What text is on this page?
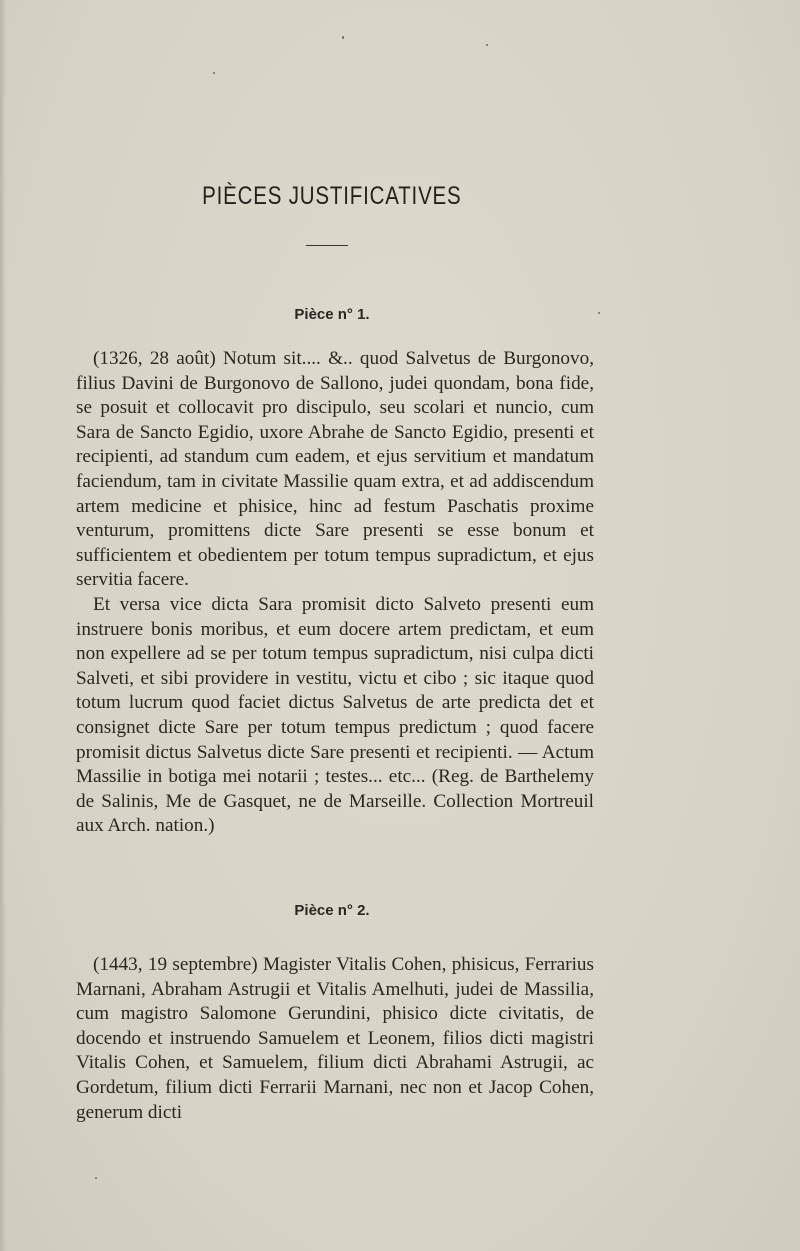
PIÈCES JUSTIFICATIVES
Pièce n° 1.

(1326, 28 août) Notum sit.... &.. quod Salvetus de Burgonovo, filius Davini de Burgonovo de Sallono, judei quondam, bona fide, se posuit et collocavit pro discipulo, seu scolari et nuncio, cum Sara de Sancto Egidio, uxore Abrahe de Sancto Egidio, presenti et recipienti, ad standum cum eadem, et ejus servitium et mandatum faciendum, tam in civitate Massilie quam extra, et ad addiscendum artem medicine et phisice, hinc ad festum Paschatis proxime venturum, promittens dicte Sare presenti se esse bonum et sufficientem et obedientem per totum tempus supradictum, et ejus servitia facere.

Et versa vice dicta Sara promisit dicto Salveto presenti eum instruere bonis moribus, et eum docere artem predictam, et eum non expellere ad se per totum tempus supradictum, nisi culpa dicti Salveti, et sibi providere in vestitu, victu et cibo ; sic itaque quod totum lucrum quod faciet dictus Salvetus de arte predicta det et consignet dicte Sare per totum tempus predictum ; quod facere promisit dictus Salvetus dicte Sare presenti et recipienti. — Actum Massilie in botiga mei notarii ; testes... etc... (Reg. de Barthelemy de Salinis, Me de Gasquet, ne de Marseille. Collection Mortreuil aux Arch. nation.)

Pièce n° 2.

(1443, 19 septembre) Magister Vitalis Cohen, phisicus, Ferrarius Marnani, Abraham Astrugii et Vitalis Amelhuti, judei de Massilia, cum magistro Salomone Gerundini, phisico dicte civitatis, de docendo et instruendo Samuelem et Leonem, filios dicti magistri Vitalis Cohen, et Samuelem, filium dicti Abrahami Astrugii, ac Gordetum, filium dicti Ferrarii Marnani, nec non et Jacop Cohen, generum dicti
